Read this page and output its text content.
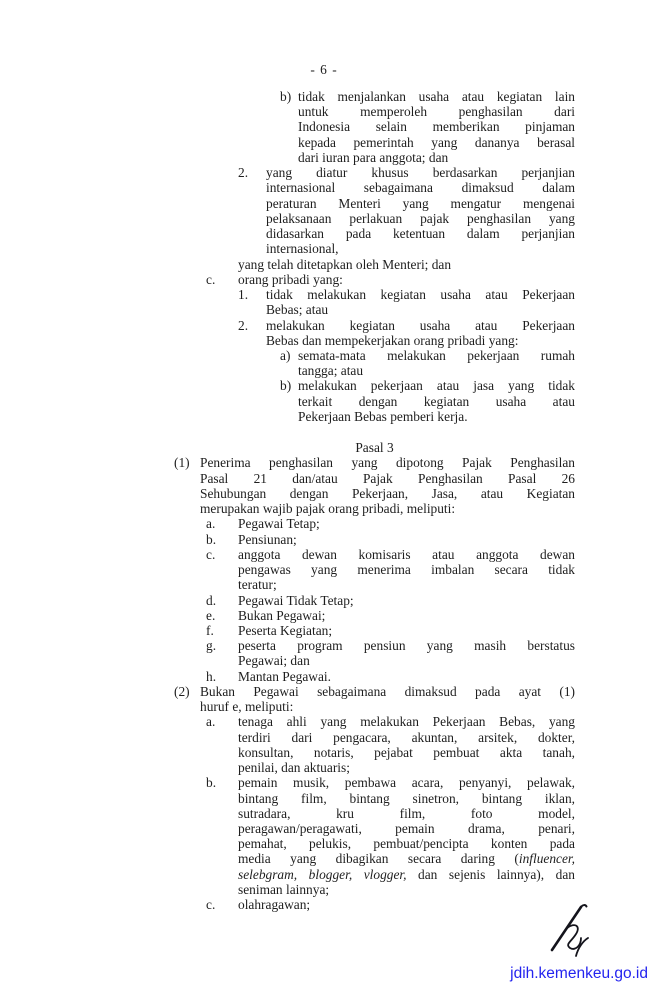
- 6 -
b) tidak menjalankan usaha atau kegiatan lain
untuk memperoleh penghasilan dari
Indonesia selain memberikan pinjaman
kepada pemerintah yang dananya berasal
dari iuran para anggota; dan
2. yang diatur khusus berdasarkan perjanjian
internasional sebagaimana dimaksud dalam
peraturan Menteri yang mengatur mengenai
pelaksanaan perlakuan pajak penghasilan yang
didasarkan pada ketentuan dalam perjanjian
internasional,
yang telah ditetapkan oleh Menteri; dan
c. orang pribadi yang:
1. tidak melakukan kegiatan usaha atau Pekerjaan
Bebas; atau
2. melakukan kegiatan usaha atau Pekerjaan
Bebas dan mempekerjakan orang pribadi yang:
a) semata-mata melakukan pekerjaan rumah
tangga; atau
b) melakukan pekerjaan atau jasa yang tidak
terkait dengan kegiatan usaha atau
Pekerjaan Bebas pemberi kerja.
Pasal 3
(1) Penerima penghasilan yang dipotong Pajak Penghasilan
Pasal 21 dan/atau Pajak Penghasilan Pasal 26
Sehubungan dengan Pekerjaan, Jasa, atau Kegiatan
merupakan wajib pajak orang pribadi, meliputi:
a. Pegawai Tetap;
b. Pensiunan;
c. anggota dewan komisaris atau anggota dewan
pengawas yang menerima imbalan secara tidak
teratur;
d. Pegawai Tidak Tetap;
e. Bukan Pegawai;
f. Peserta Kegiatan;
g. peserta program pensiun yang masih berstatus
Pegawai; dan
h. Mantan Pegawai.
(2) Bukan Pegawai sebagaimana dimaksud pada ayat (1)
huruf e, meliputi:
a. tenaga ahli yang melakukan Pekerjaan Bebas, yang
terdiri dari pengacara, akuntan, arsitek, dokter,
konsultan, notaris, pejabat pembuat akta tanah,
penilai, dan aktuaris;
b. pemain musik, pembawa acara, penyanyi, pelawak,
bintang film, bintang sinetron, bintang iklan,
sutradara, kru film, foto model,
peragawan/peragawati, pemain drama, penari,
pemahat, pelukis, pembuat/pencipta konten pada
media yang dibagikan secara daring (influencer,
selebgram, blogger, vlogger, dan sejenis lainnya), dan
seniman lainnya;
c. olahragawan;
jdih.kemenkeu.go.id
